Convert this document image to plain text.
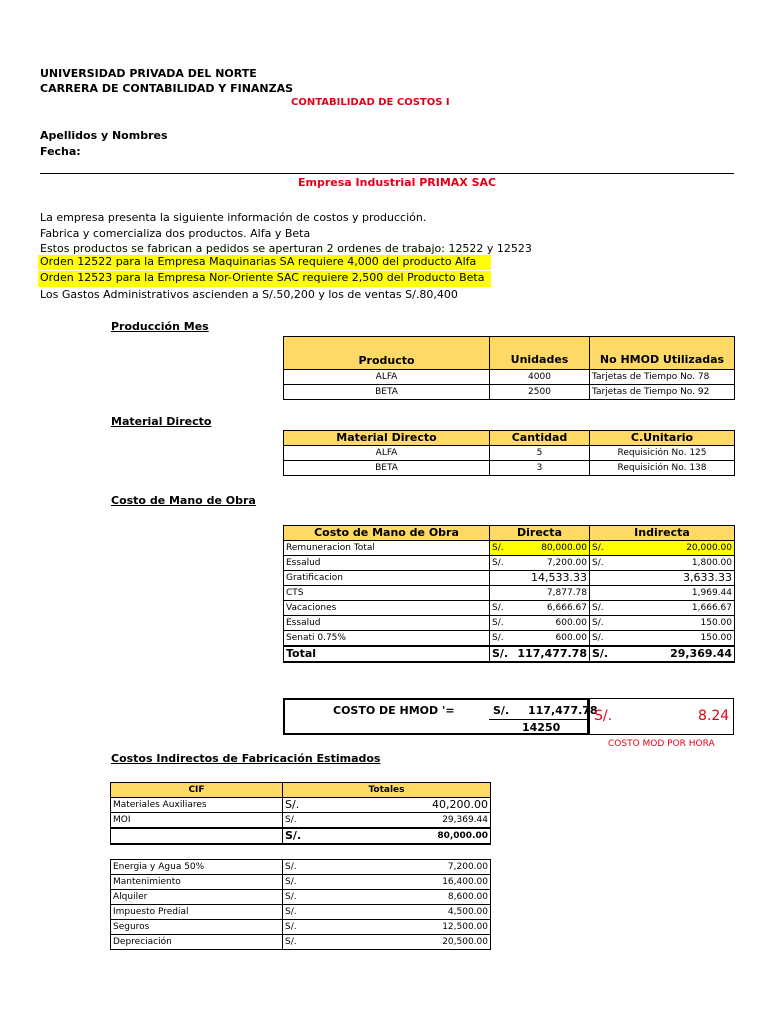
UNIVERSIDAD PRIVADA DEL NORTE
CARRERA DE CONTABILIDAD Y FINANZAS
CONTABILIDAD DE COSTOS I
Apellidos y Nombres
Fecha:
Empresa Industrial PRIMAX SAC
La empresa presenta la siguiente información de costos y producción.
Fabrica y comercializa dos productos. Alfa y Beta
Estos productos se fabrican a pedidos se aperturan 2 ordenes de trabajo: 12522 y 12523
Orden 12522 para la Empresa Maquinarias SA requiere 4,000 del producto Alfa
Orden 12523 para la Empresa Nor-Oriente SAC requiere 2,500 del Producto Beta
Los Gastos Administrativos ascienden a S/.50,200 y los de ventas S/.80,400
Producción Mes
Producto	Unidades	No HMOD Utilizadas
ALFA	4000	Tarjetas de Tiempo No. 78
BETA	2500	Tarjetas de Tiempo No. 92
Material Directo
Material Directo	Cantidad	C.Unitario
ALFA	5	Requisición No. 125
BETA	3	Requisición No. 138
Costo de Mano de Obra
Costo de Mano de Obra	Directa		Indirecta	
Remuneracion Total	S/.	80,000.00	S/.	20,000.00
Essalud	S/.	7,200.00	S/.	1,800.00
Gratificacion		14,533.33		3,633.33
CTS		7,877.78		1,969.44
Vacaciones	S/.	6,666.67	S/.	1,666.67
Essalud	S/.	600.00	S/.	150.00
Senati 0.75%	S/.	600.00	S/.	150.00
Total	S/.	117,477.78	S/.	29,369.44
COSTO DE HMOD '=	S/. 117,477.78
14250
S/.	8.24
COSTO MOD POR HORA
Costos Indirectos de Fabricación Estimados
CIF	Totales	
Materiales Auxiliares	S/.	40,200.00
MOI	S/.	29,369.44
	S/.	80,000.00
Energia y Agua 50%	S/.	7,200.00
Mantenimiento	S/.	16,400.00
Alquiler	S/.	8,600.00
Impuesto Predial	S/.	4,500.00
Seguros	S/.	12,500.00
Depreciación	S/.	20,500.00
